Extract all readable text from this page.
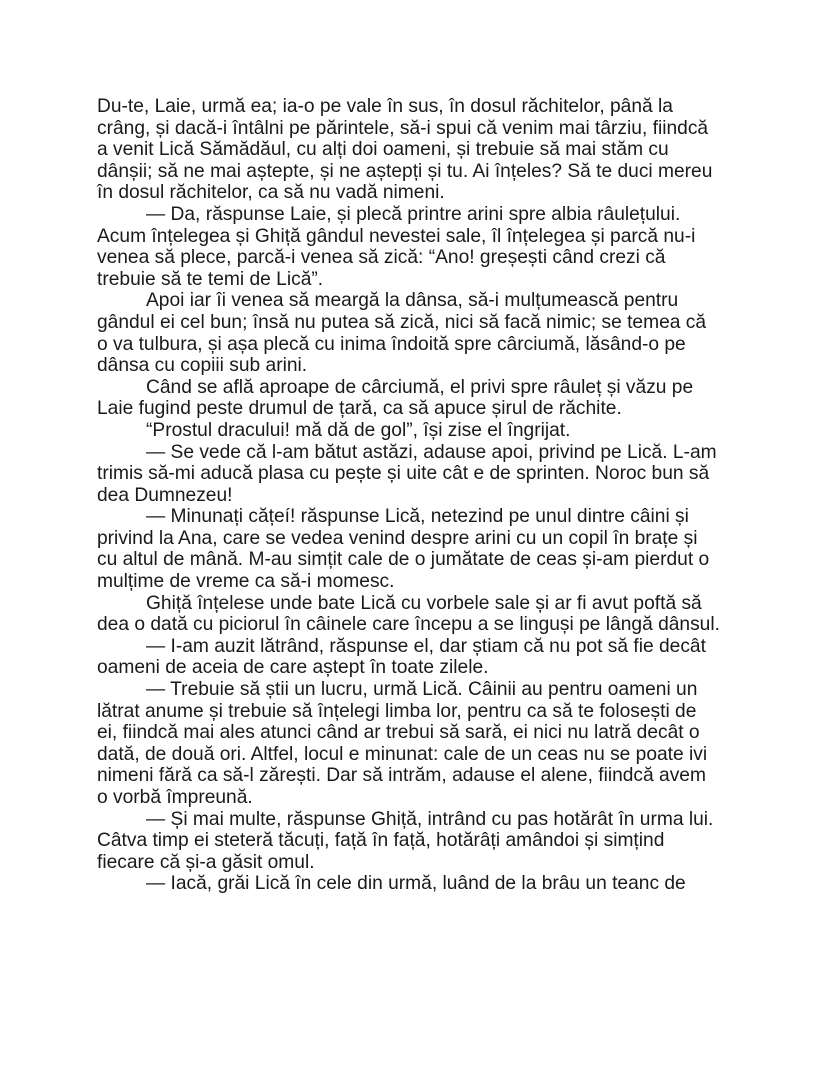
Du-te, Laie, urmă ea; ia-o pe vale în sus, în dosul răchitelor, până la
crâng, și dacă-i întâlni pe părintele, să-i spui că venim mai târziu, fiindcă
a venit Lică Sămădăul, cu alți doi oameni, și trebuie să mai stăm cu
dânșii; să ne mai aștepte, și ne aștepți și tu. Ai înțeles? Să te duci mereu
în dosul răchitelor, ca să nu vadă nimeni.
— Da, răspunse Laie, și plecă printre arini spre albia râulețului.
Acum înțelegea și Ghiță gândul nevestei sale, îl înțelegea și parcă nu-i
venea să plece, parcă-i venea să zică: “Ano! greșești când crezi că
trebuie să te temi de Lică”.
Apoi iar îi venea să meargă la dânsa, să-i mulțumească pentru
gândul ei cel bun; însă nu putea să zică, nici să facă nimic; se temea că
o va tulbura, și așa plecă cu inima îndoită spre cârciumă, lăsând-o pe
dânsa cu copiii sub arini.
Când se află aproape de cârciumă, el privi spre râuleț și văzu pe
Laie fugind peste drumul de țară, ca să apuce șirul de răchite.
“Prostul dracului! mă dă de gol”, își zise el îngrijat.
— Se vede că l-am bătut astăzi, adause apoi, privind pe Lică. L-am
trimis să-mi aducă plasa cu pește și uite cât e de sprinten. Noroc bun să
dea Dumnezeu!
— Minunați cățeí! răspunse Lică, netezind pe unul dintre câini și
privind la Ana, care se vedea venind despre arini cu un copil în brațe și
cu altul de mână. M-au simțit cale de o jumătate de ceas și-am pierdut o
mulțime de vreme ca să-i momesc.
Ghiță înțelese unde bate Lică cu vorbele sale și ar fi avut poftă să
dea o dată cu piciorul în câinele care începu a se linguși pe lângă dânsul.
— I-am auzit lătrând, răspunse el, dar știam că nu pot să fie decât
oameni de aceia de care aștept în toate zilele.
— Trebuie să știi un lucru, urmă Lică. Câinii au pentru oameni un
lătrat anume și trebuie să înțelegi limba lor, pentru ca să te folosești de
ei, fiindcă mai ales atunci când ar trebui să sară, ei nici nu latră decât o
dată, de două ori. Altfel, locul e minunat: cale de un ceas nu se poate ivi
nimeni fără ca să-l zărești. Dar să intrăm, adause el alene, fiindcă avem
o vorbă împreună.
— Și mai multe, răspunse Ghiță, intrând cu pas hotărât în urma lui.
Câtva timp ei steteră tăcuți, față în față, hotărâți amândoi și simțind
fiecare că și-a găsit omul.
— Iacă, grăi Lică în cele din urmă, luând de la brâu un teanc de
